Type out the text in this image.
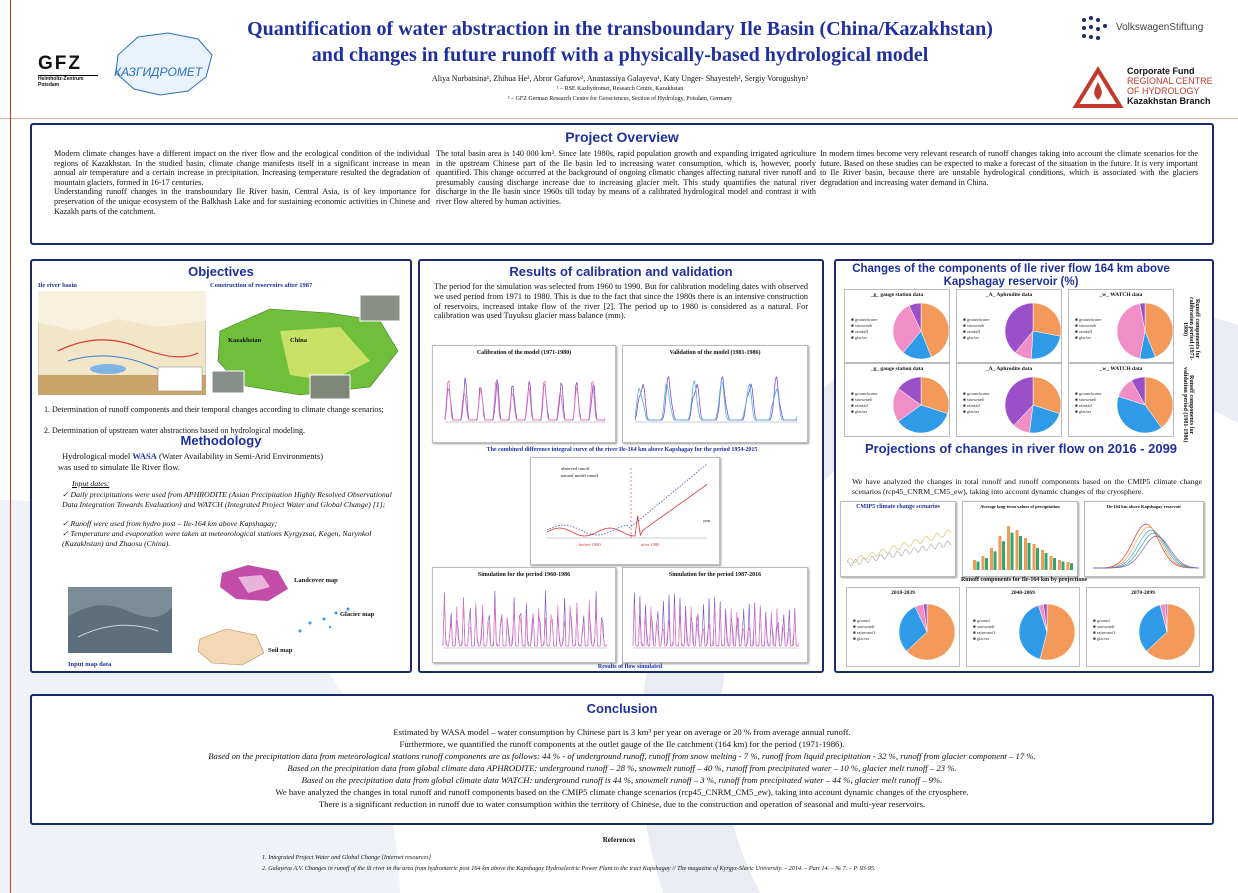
GFZ
Helmholtz-Zentrum
Potsdam
КАЗГИДРОМЕТ
VolkswagenStiftung
Corporate Fund
REGIONAL CENTRE
OF HYDROLOGY
Kazakhstan Branch
Quantification of water abstraction in the transboundary Ile Basin (China/Kazakhstan)
and changes in future runoff with a physically-based hydrological model
Aliya Nurbatsina¹, Zhihua He², Abror Gafurov², Anastassiya Galayeva¹, Katy Unger- Shayesteh², Sergiy Vorogushyn²
¹ – RSE Kazhydromet, Research Centre, Kazakhstan
² – GFZ German Research Centre for Geosciences, Section of Hydrology, Potsdam, Germany
Project Overview
Modern climate changes have a different impact on the river flow and the ecological condition of the individual regions of Kazakhstan. In the studied basin, climate change manifests itself in a significant increase in mean annual air temperature and a certain increase in precipitation. Increasing temperature resulted the degradation of mountain glaciers, formed in 16-17 centuries.
Understanding runoff changes in the transboundary Ile River basin, Central Asia, is of key importance for preservation of the unique ecosystem of the Balkhash Lake and for sustaining economic activities in Chinese and Kazakh parts of the catchment.
The total basin area is 140 000 km². Since late 1980s, rapid population growth and expanding irrigated agriculture in the upstream Chinese part of the Ile basin led to increasing water consumption, which is, however, poorly quantified. This change occurred at the background of ongoing climatic changes affecting natural river runoff and presumably causing discharge increase due to increasing glacier melt. This study quantifies the natural river discharge in the Ile basin since 1960s till today by means of a calibrated hydrological model and contrast it with river flow altered by human activities.
In modern times become very relevant research of runoff changes taking into account the climate scenarios for the future. Based on these studies can be expected to make a forecast of the situation in the future. It is very important to Ile River basin, because there are unstable hydrological conditions, which is associated with the glaciers degradation and increasing water demand in China.
Objectives
Ile river basin	Construction of reservoirs after 1987
Kazakhstan	China
1. Determination of runoff components and their temporal changes according to climate change scenarios;
2. Determination of upstream water abstractions based on hydrological modeling.
Methodology
Hydrological model WASA (Water Availability in Semi-Arid Environments)
was used to simulate Ile River flow.
Input dates:
✓ Daily precipitations were used from APHRODITE (Asian Precipitation Highly Resolved Observational Data Integration Towards Evaluation) and WATCH (Integrated Project Water and Global Change) [1];
✓ Runoff were used from hydro post – Ile-164 km above Kapshagay;
✓ Temperature and evaporation were taken at meteorological stations Kyrgyzsai, Kegen, Narynkol (Kazakhstan) and Zhaosu (China).
Landcover map
Glacier map
Soil map
Input map data
Results of calibration and validation
The period for the simulation was selected from 1960 to 1990. But for calibration modeling dates with observed we used period from 1971 to 1980. This is due to the fact that since the 1980s there is an intensive construction of reservoirs, increased intake flow of the river [2]. The period up to 1980 is considered as a natural. For calibration was used Tuyuksu glacier mass balance (mm).
Calibration of the model (1971-1980)	Validation of the model (1981-1986)
The combined difference integral curve of the river Ile-164 km above Kapshagay for the period 1954-2015
observed runoff
natural model runoff
before 1980	after 1980
year
Simulation for the period 1960-1986	Simulation for the period 1987-2016
Results of flow simulated
Changes of the components of Ile river flow 164 km above Kapshagay reservoir (%)
Runoff components for calibration period (1971-1980)
Runoff components for validation period (1981-1986)
Projections of changes in river flow on 2016 - 2099
We have analyzed the changes in total runoff and runoff components based on the CMIP5 climate change scenarios (rcp45_CNRM_CM5_ew), taking into account dynamic changes of the cryosphere.
CMIP5 climate change scenarios	Average long-term values of precipitation	Ile-164 km above Kapshagay reservoir
Runoff components for Ile-164 km by projections
_g_ gauge station data
■ groundwater
■ snowmelt
■ rainfall
■ glacier
_A_ Aphrodite data
■ groundwater
■ snowmelt
■ rainfall
■ glacier
_w_ WATCH data
■ groundwater
■ snowmelt
■ rainfall
■ glacier
_g_ gauge station data
■ groundwater
■ snowmelt
■ rainfall
■ glacier
_A_ Aphrodite data
■ groundwater
■ snowmelt
■ rainfall
■ glacier
_w_ WATCH data
■ groundwater
■ snowmelt
■ rainfall
■ glacier
2010-2039
■ ground
■ snowmelt
■ rainrunoff
■ glacier
2040-2069
■ ground
■ snowmelt
■ rainrunoff
■ glacier
2070-2099
■ ground
■ snowmelt
■ rainrunoff
■ glacier
Conclusion
Estimated by WASA model – water consumption by Chinese part is 3 km³ per year on average or 20 % from average annual runoff.
Furthermore, we quantified the runoff components at the outlet gauge of the Ile catchment (164 km) for the period (1971-1986).
Based on the precipitation data from meteorological stations runoff components are as follows: 44 % - of underground runoff, runoff from snow melting - 7 %, runoff from liquid precipitation - 32 %, runoff from glacier component – 17 %.
Based on the precipitation data from global climate data APHRODITE: underground runoff – 28 %, snowmelt runoff – 40 %, runoff from precipitated water – 10 %, glacier melt runoff – 23 %.
Based on the precipitation data from global climate data WATCH: underground runoff is 44 %, snowmelt runoff – 3 %, runoff from precipitated water – 44 %, glacier melt runoff – 9%.
We have analyzed the changes in total runoff and runoff components based on the CMIP5 climate change scenarios (rcp45_CNRM_CM5_ew), taking into account dynamic changes of the cryosphere.
There is a significant reduction in runoff due to water consumption within the territory of Chinese, due to the construction and operation of seasonal and multi-year reservoirs.
References
1. Integrated Project Water and Global Change [Internet resources]
2. Galayeva A.V. Changes in runoff of the ili river in the area from hydrometric post 164 km above the Kapshagay Hydroelectric Power Plant to the tract Kapshagay // The magazine of Kyrgyz-Slavic University. – 2014. – Part 14. – № 7. – P. 93-95.
